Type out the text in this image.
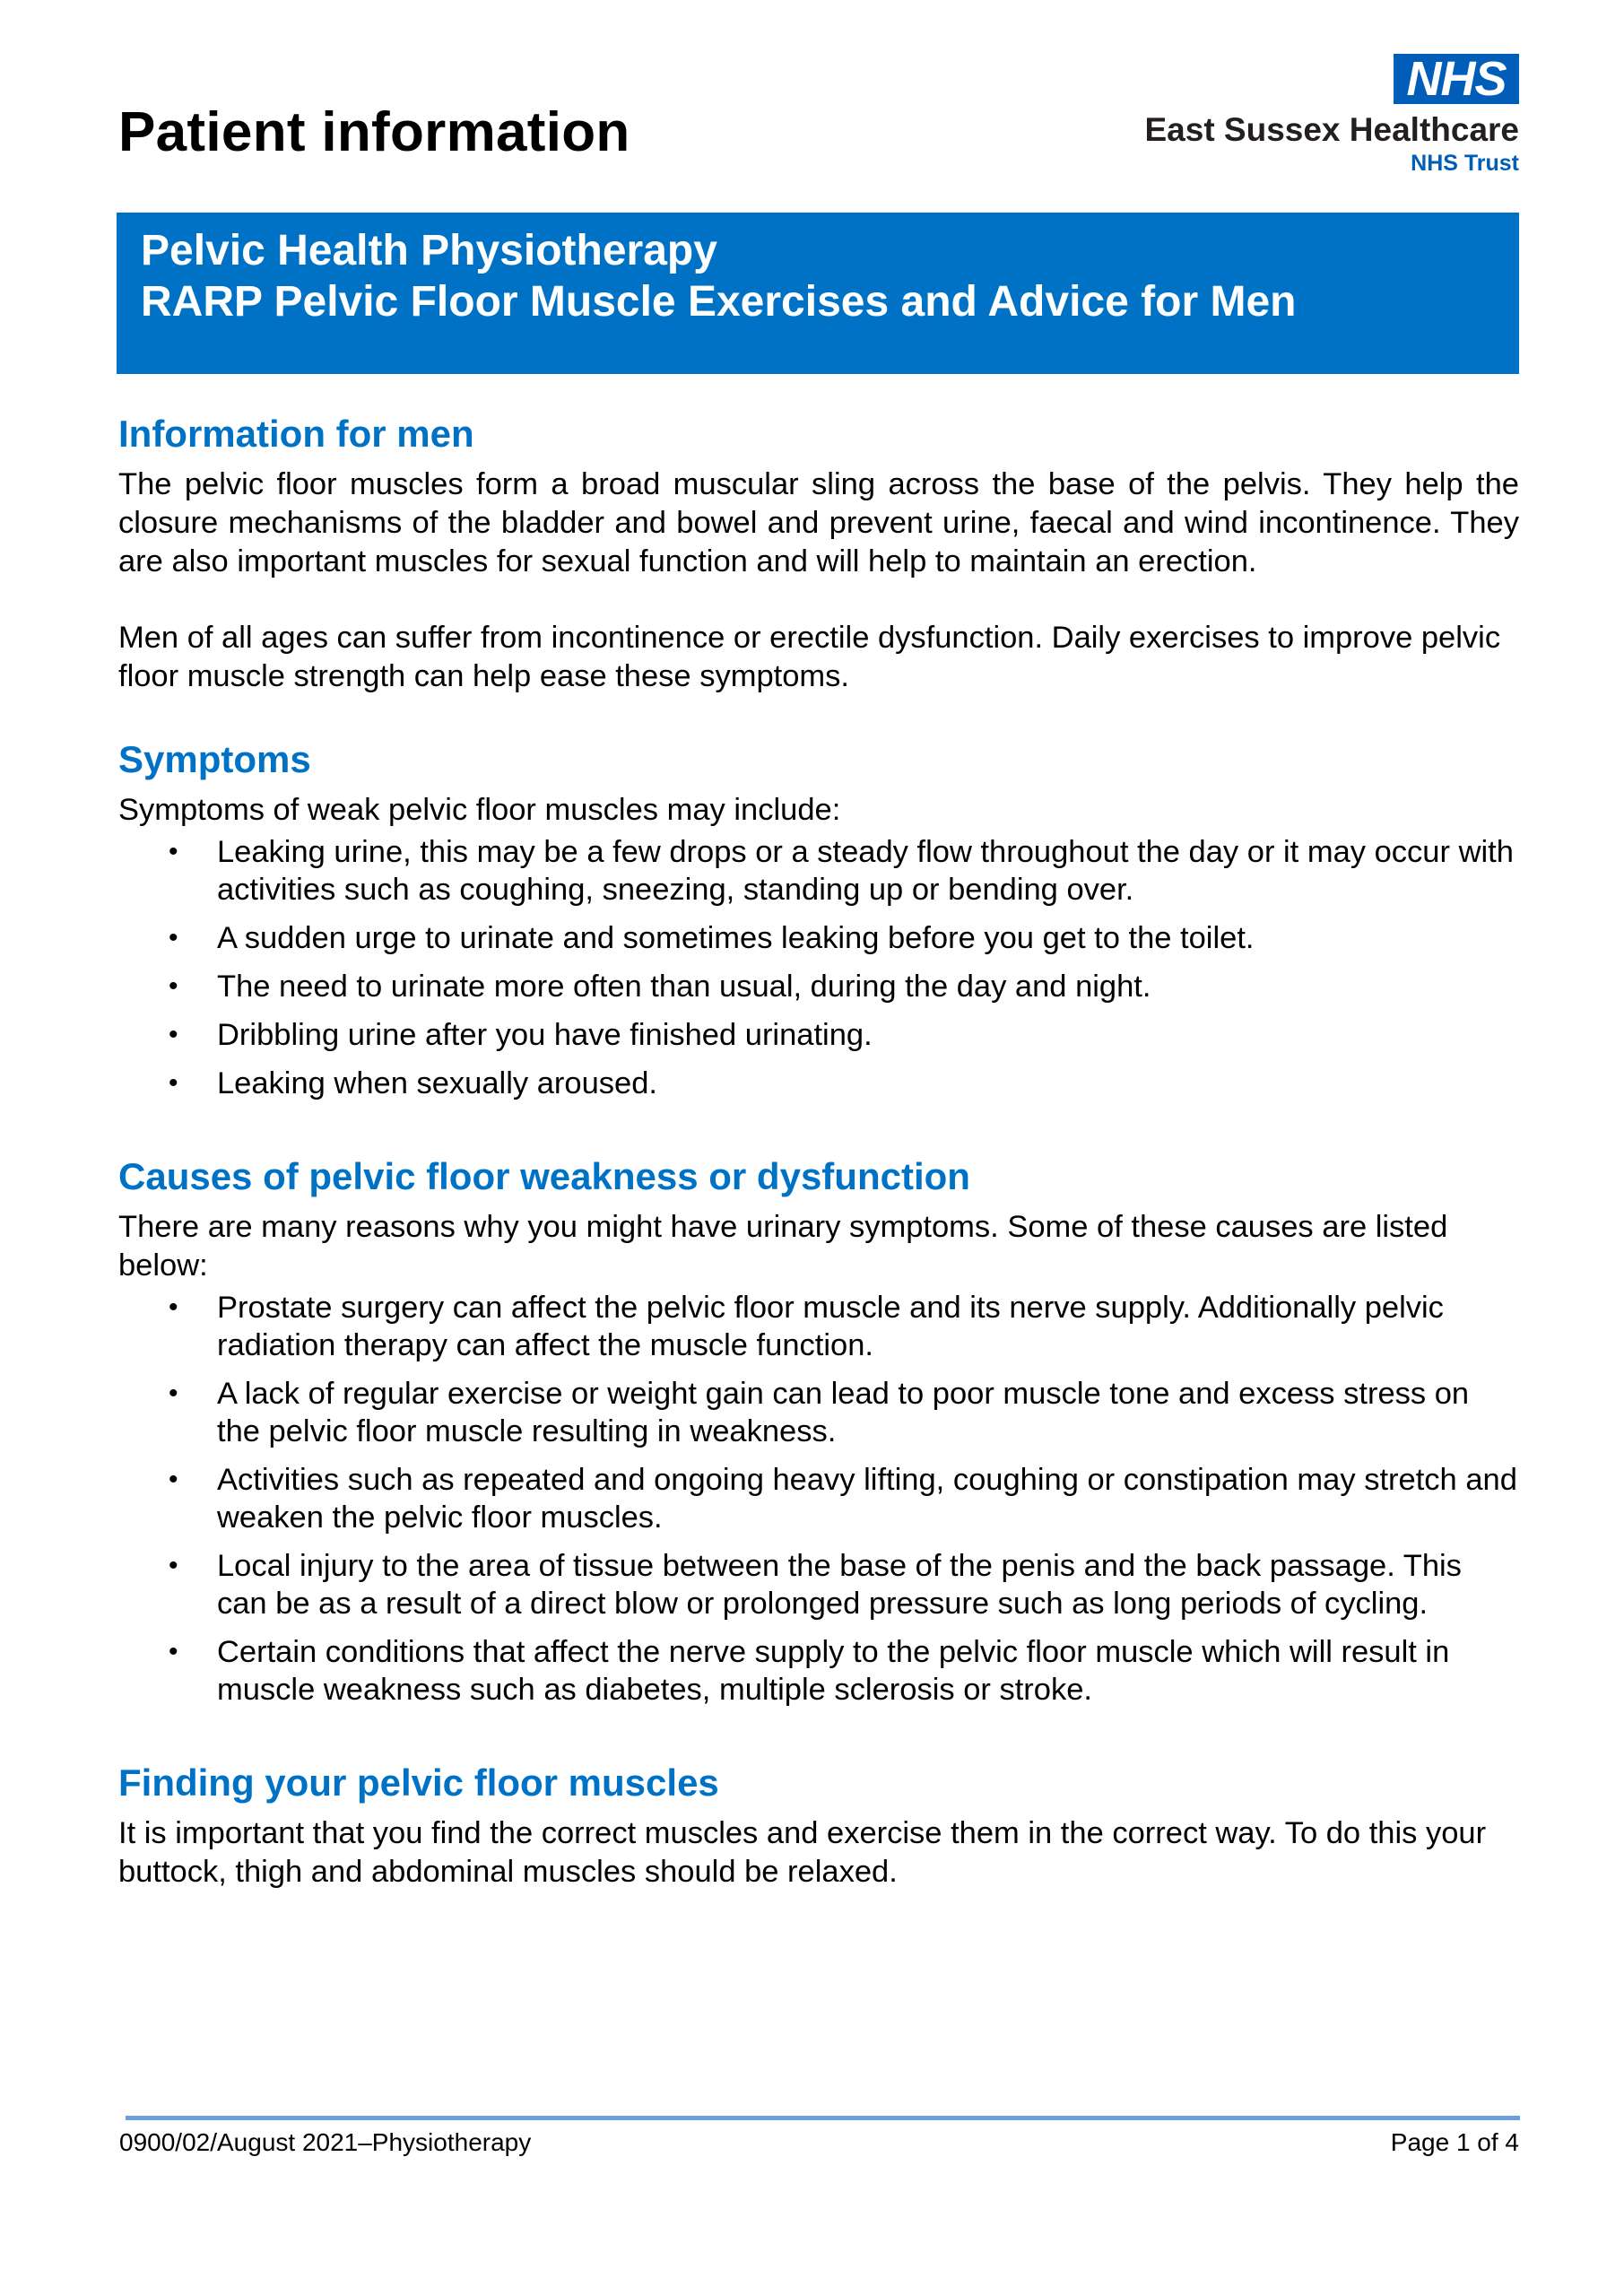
Patient information
NHS
East Sussex Healthcare
NHS Trust
Pelvic Health Physiotherapy
RARP Pelvic Floor Muscle Exercises and Advice for Men
Information for men

The pelvic floor muscles form a broad muscular sling across the base of the pelvis. They help the closure mechanisms of the bladder and bowel and prevent urine, faecal and wind incontinence. They are also important muscles for sexual function and will help to maintain an erection.

Men of all ages can suffer from incontinence or erectile dysfunction. Daily exercises to improve pelvic floor muscle strength can help ease these symptoms.

Symptoms

Symptoms of weak pelvic floor muscles may include:

• Leaking urine, this may be a few drops or a steady flow throughout the day or it may occur with activities such as coughing, sneezing, standing up or bending over.
• A sudden urge to urinate and sometimes leaking before you get to the toilet.
• The need to urinate more often than usual, during the day and night.
• Dribbling urine after you have finished urinating.
• Leaking when sexually aroused.
Causes of pelvic floor weakness or dysfunction

There are many reasons why you might have urinary symptoms. Some of these causes are listed below:

• Prostate surgery can affect the pelvic floor muscle and its nerve supply. Additionally pelvic radiation therapy can affect the muscle function.
• A lack of regular exercise or weight gain can lead to poor muscle tone and excess stress on the pelvic floor muscle resulting in weakness.
• Activities such as repeated and ongoing heavy lifting, coughing or constipation may stretch and weaken the pelvic floor muscles.
• Local injury to the area of tissue between the base of the penis and the back passage. This can be as a result of a direct blow or prolonged pressure such as long periods of cycling.
• Certain conditions that affect the nerve supply to the pelvic floor muscle which will result in muscle weakness such as diabetes, multiple sclerosis or stroke.
Finding your pelvic floor muscles

It is important that you find the correct muscles and exercise them in the correct way. To do this your buttock, thigh and abdominal muscles should be relaxed.

0900/02/August 2021–Physiotherapy	Page 1 of 4
